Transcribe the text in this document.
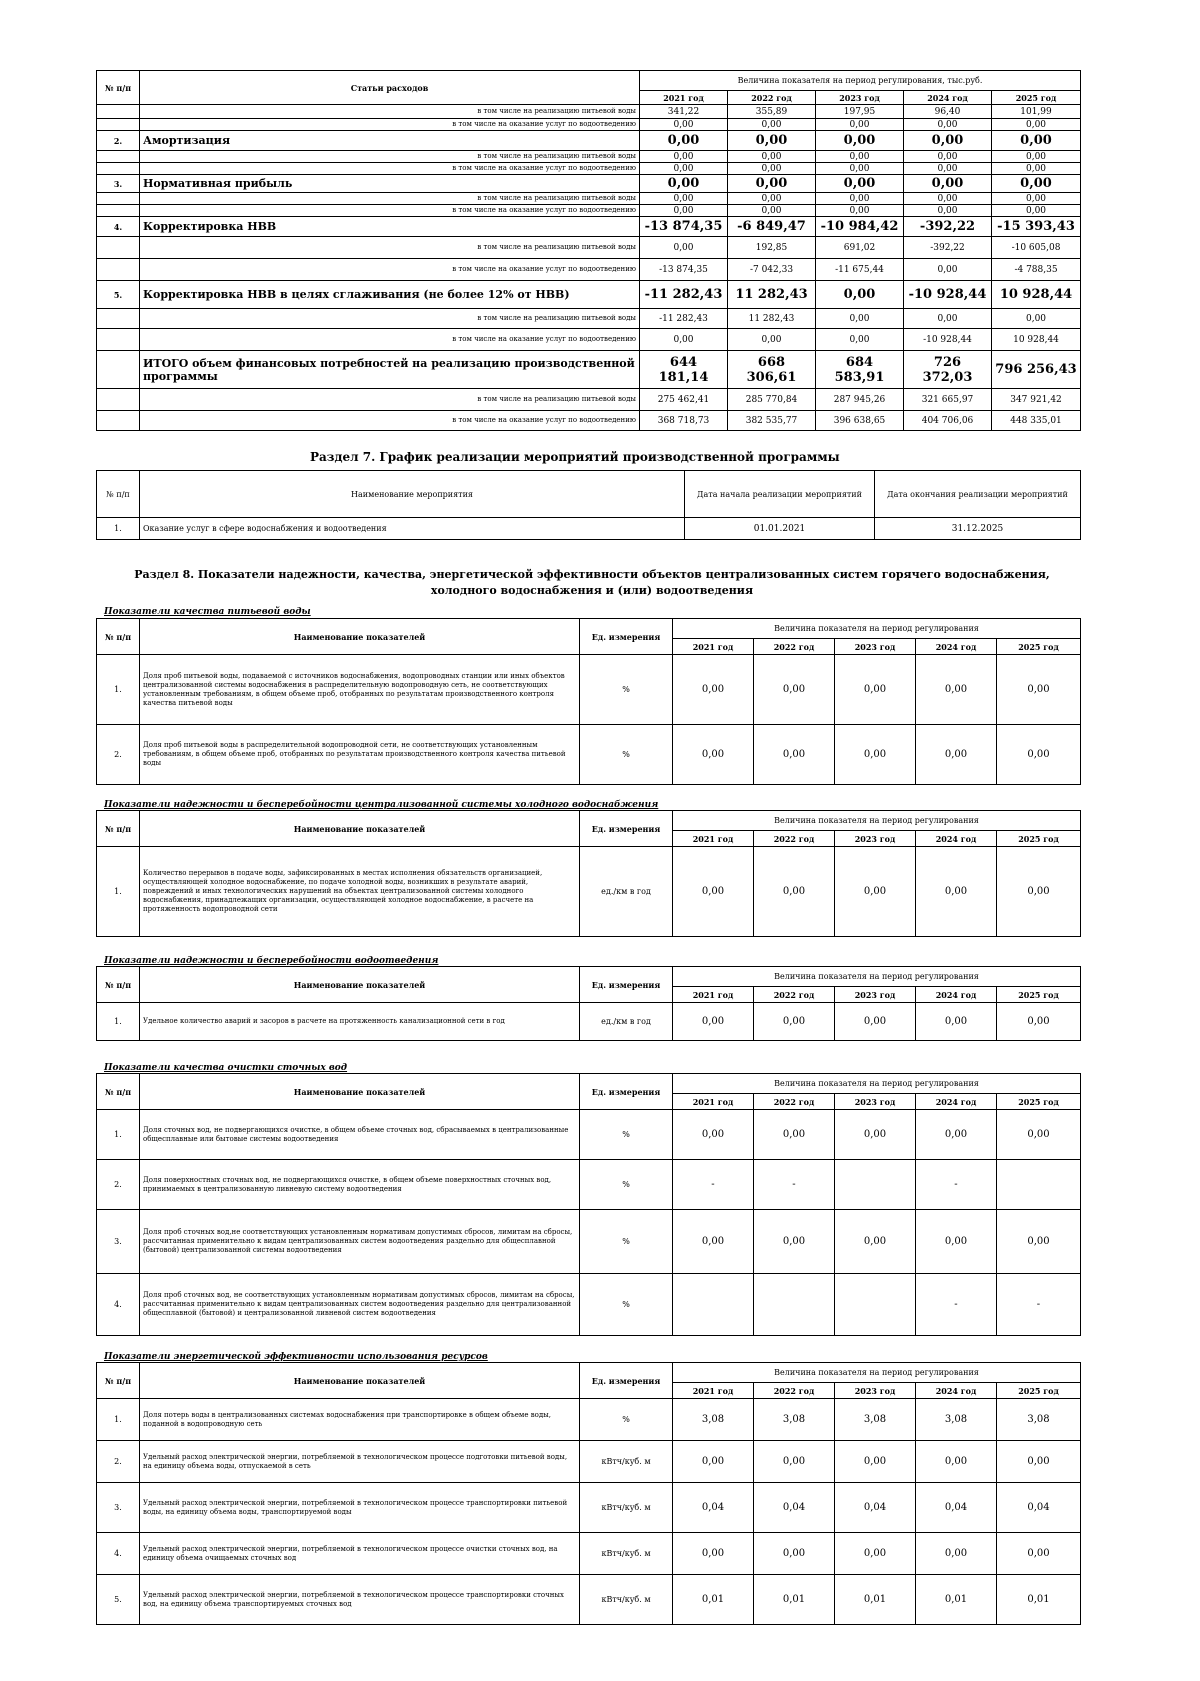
№ п/п	Статьи расходов	Величина показателя на период регулирования, тыс.руб.				
		2021 год	2022 год	2023 год	2024 год	2025 год
	в том числе на реализацию питьевой воды	341,22	355,89	197,95	96,40	101,99
	в том числе на оказание услуг по водоотведению	0,00	0,00	0,00	0,00	0,00
2.	Амортизация	0,00	0,00	0,00	0,00	0,00
	в том числе на реализацию питьевой воды	0,00	0,00	0,00	0,00	0,00
	в том числе на оказание услуг по водоотведению	0,00	0,00	0,00	0,00	0,00
3.	Нормативная прибыль	0,00	0,00	0,00	0,00	0,00
	в том числе на реализацию питьевой воды	0,00	0,00	0,00	0,00	0,00
	в том числе на оказание услуг по водоотведению	0,00	0,00	0,00	0,00	0,00
4.	Корректировка НВВ	-13 874,35	-6 849,47	-10 984,42	-392,22	-15 393,43
	в том числе на реализацию питьевой воды	0,00	192,85	691,02	-392,22	-10 605,08
	в том числе на оказание услуг по водоотведению	-13 874,35	-7 042,33	-11 675,44	0,00	-4 788,35
5.	Корректировка НВВ в целях сглаживания (не более 12% от НВВ)	-11 282,43	11 282,43	0,00	-10 928,44	10 928,44
	в том числе на реализацию питьевой воды	-11 282,43	11 282,43	0,00	0,00	0,00
	в том числе на оказание услуг по водоотведению	0,00	0,00	0,00	-10 928,44	10 928,44
	ИТОГО объем финансовых потребностей на реализацию производственной программы	644 181,14	668 306,61	684 583,91	726 372,03	796 256,43
	в том числе на реализацию питьевой воды	275 462,41	285 770,84	287 945,26	321 665,97	347 921,42
	в том числе на оказание услуг по водоотведению	368 718,73	382 535,77	396 638,65	404 706,06	448 335,01
Раздел 7. График реализации мероприятий производственной программы
№ п/п	Наименование мероприятия	Дата начала реализации мероприятий	Дата окончания реализации мероприятий
1.	Оказание услуг в сфере водоснабжения и водоотведения	01.01.2021	31.12.2025
Раздел 8. Показатели надежности, качества, энергетической эффективности объектов централизованных систем горячего водоснабжения, холодного водоснабжения и (или) водоотведения
Показатели качества питьевой воды
№ п/п	Наименование показателей	Ед. измерения	Величина показателя на период регулирования				
			2021 год	2022 год	2023 год	2024 год	2025 год
1.	Доля проб питьевой воды, подаваемой с источников водоснабжения, водопроводных станции или иных объектов централизованной системы водоснабжения в распределительную водопроводную сеть, не соответствующих установленным требованиям, в общем объеме проб, отобранных по результатам производственного контроля качества питьевой воды	%	0,00	0,00	0,00	0,00	0,00
2.	Доля проб питьевой воды в распределительной водопроводной сети, не соответствующих установленным требованиям, в общем объеме проб, отобранных по результатам производственного контроля качества питьевой воды	%	0,00	0,00	0,00	0,00	0,00
Показатели надежности и бесперебойности централизованной системы холодного водоснабжения
№ п/п	Наименование показателей	Ед. измерения	Величина показателя на период регулирования				
			2021 год	2022 год	2023 год	2024 год	2025 год
1.	Количество перерывов в подаче воды, зафиксированных в местах исполнения обязательств организацией, осуществляющей холодное водоснабжение, по подаче холодной воды, возникших в результате аварий, повреждений и иных технологических нарушений на объектах централизованной системы холодного водоснабжения, принадлежащих организации, осуществляющей холодное водоснабжение, в расчете на протяженность водопроводной сети	ед./км в год	0,00	0,00	0,00	0,00	0,00
Показатели надежности и бесперебойности водоотведения
№ п/п	Наименование показателей	Ед. измерения	Величина показателя на период регулирования				
			2021 год	2022 год	2023 год	2024 год	2025 год
1.	Удельное количество аварий и засоров в расчете на протяженность канализационной сети в год	ед./км в год	0,00	0,00	0,00	0,00	0,00
Показатели качества очистки сточных вод
№ п/п	Наименование показателей	Ед. измерения	Величина показателя на период регулирования				
			2021 год	2022 год	2023 год	2024 год	2025 год
1.	Доля сточных вод, не подвергающихся очистке, в общем объеме сточных вод, сбрасываемых в централизованные общесплавные или бытовые системы водоотведения	%	0,00	0,00	0,00	0,00	0,00
2.	Доля поверхностных сточных вод, не подвергающихся очистке, в общем объеме поверхностных сточных вод, принимаемых в централизованную ливневую систему водоотведения	%	-	-		-	
3.	Доля проб сточных вод,не соответствующих установленным нормативам допустимых сбросов, лимитам на сбросы, рассчитанная применительно к видам централизованных систем водоотведения раздельно для общесплавной (бытовой) централизованной системы водоотведения	%	0,00	0,00	0,00	0,00	0,00
4.	Доля проб сточных вод, не соответствующих установленным нормативам допустимых сбросов, лимитам на сбросы, рассчитанная применительно к видам централизованных систем водоотведения раздельно для централизованной общесплавной (бытовой) и централизованной ливневой систем водоотведения	%				-	-
Показатели энергетической эффективности использования ресурсов
№ п/п	Наименование показателей	Ед. измерения	Величина показателя на период регулирования				
			2021 год	2022 год	2023 год	2024 год	2025 год
1.	Доля потерь воды в централизованных системах водоснабжения при транспортировке в общем объеме воды, поданной в водопроводную сеть	%	3,08	3,08	3,08	3,08	3,08
2.	Удельный расход электрической энергии, потребляемой в технологическом процессе подготовки питьевой воды, на единицу объема воды, отпускаемой в сеть	кВтч/куб. м	0,00	0,00	0,00	0,00	0,00
3.	Удельный расход электрической энергии, потребляемой в технологическом процессе транспортировки питьевой воды, на единицу объема воды, транспортируемой воды	кВтч/куб. м	0,04	0,04	0,04	0,04	0,04
4.	Удельный расход электрической энергии, потребляемой в технологическом процессе очистки сточных вод, на единицу объема очищаемых сточных вод	кВтч/куб. м	0,00	0,00	0,00	0,00	0,00
5.	Удельный расход электрической энергии, потребляемой в технологическом процессе транспортировки сточных вод, на единицу объема транспортируемых сточных вод	кВтч/куб. м	0,01	0,01	0,01	0,01	0,01
